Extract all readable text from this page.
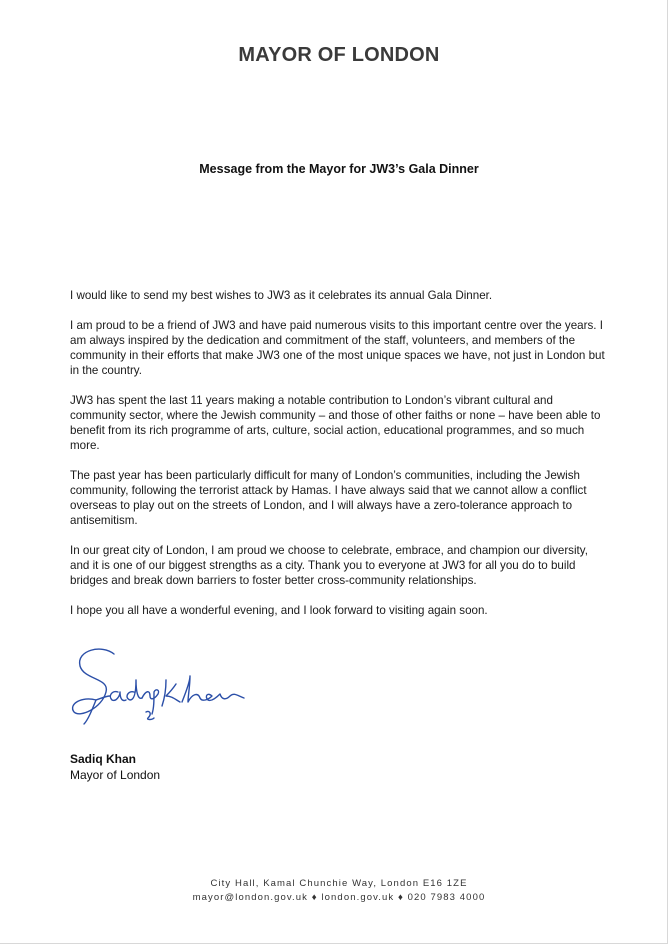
MAYOR OF LONDON
Message from the Mayor for JW3’s Gala Dinner

I would like to send my best wishes to JW3 as it celebrates its annual Gala Dinner.

I am proud to be a friend of JW3 and have paid numerous visits to this important centre over the years. I am always inspired by the dedication and commitment of the staff, volunteers, and members of the community in their efforts that make JW3 one of the most unique spaces we have, not just in London but in the country.

JW3 has spent the last 11 years making a notable contribution to London’s vibrant cultural and community sector, where the Jewish community – and those of other faiths or none – have been able to benefit from its rich programme of arts, culture, social action, educational programmes, and so much more.

The past year has been particularly difficult for many of London’s communities, including the Jewish community, following the terrorist attack by Hamas. I have always said that we cannot allow a conflict overseas to play out on the streets of London, and I will always have a zero-tolerance approach to antisemitism.

In our great city of London, I am proud we choose to celebrate, embrace, and champion our diversity, and it is one of our biggest strengths as a city. Thank you to everyone at JW3 for all you do to build bridges and break down barriers to foster better cross-community relationships.

I hope you all have a wonderful evening, and I look forward to visiting again soon.

Sadiq Khan
Mayor of London
City Hall, Kamal Chunchie Way, London E16 1ZE
mayor@london.gov.uk ♦ london.gov.uk ♦ 020 7983 4000
